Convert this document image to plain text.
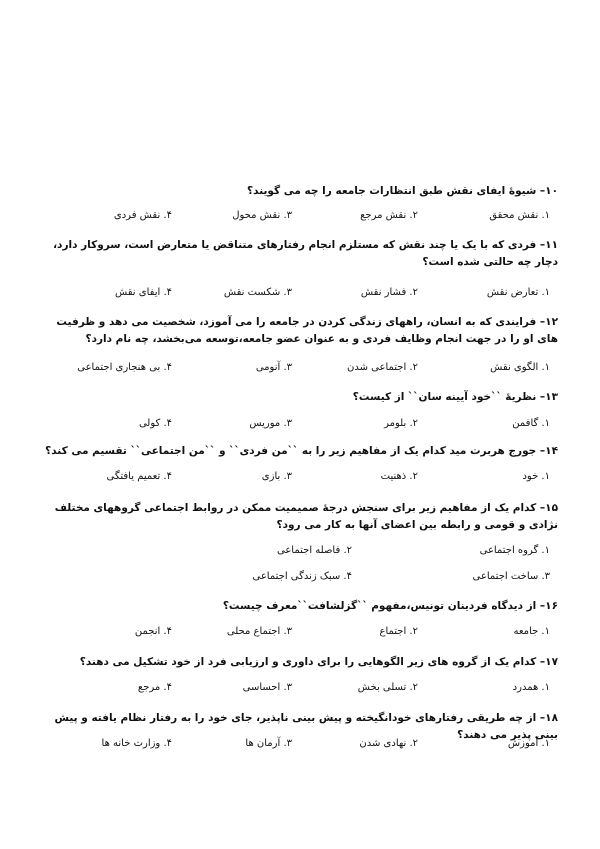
۱۰– شیوهٔ ایفای نقش طبق انتظارات جامعه را چه می گویند؟
۱. نقش محقق
۲. نقش مرجع
۳. نقش محول
۴. نقش فردی
۱۱– فردی که با یک یا چند نقش که مستلزم انجام رفتارهای متناقض یا متعارض است، سروکار دارد، دچار چه حالتی شده است؟
۱. تعارض نقش
۲. فشار نقش
۳. شکست نقش
۴. ایفای نقش
۱۲– فرایندی که به انسان، راههای زندگی کردن در جامعه را می آموزد، شخصیت می دهد و ظرفیت های او را در جهت انجام وظایف فردی و به عنوان عضو جامعه،توسعه می‌بخشد، چه نام دارد؟
۱. الگوی نقش
۲. اجتماعی شدن
۳. آنومی
۴. بی هنجاری اجتماعی
۱۳– نظریهٔ ``خود آیینه سان`` از کیست؟
۱. گافمن
۲. بلومر
۳. موریس
۴. کولی
۱۴– جورج هربرت مید کدام یک از مفاهیم زیر را به ``من فردی`` و ``من اجتماعی`` تقسیم می کند؟
۱. خود
۲. ذهنیت
۳. بازی
۴. تعمیم یافتگی
۱۵– کدام یک از مفاهیم زیر برای سنجش درجهٔ صمیمیت ممکن در روابط اجتماعی گروههای مختلف نژادی و قومی و رابطه بین اعضای آنها به کار می رود؟
۱. گروه اجتماعی
۲. فاصله اجتماعی
۳. ساخت اجتماعی
۴. سبک زندگی اجتماعی
۱۶– از دیدگاه فردینان تونیس،مفهوم ``گزلشافت``معرف چیست؟
۱. جامعه
۲. اجتماع
۳. اجتماع محلی
۴. انجمن
۱۷– کدام یک از گروه های زیر الگوهایی را برای داوری و ارزیابی فرد از خود تشکیل می دهند؟
۱. همدرد
۲. تسلی بخش
۳. احساسی
۴. مرجع
۱۸– از چه طریقی رفتارهای خودانگیخته و پیش بینی ناپذیر، جای خود را به رفتار نظام یافته و پیش بینی پذیر می دهند؟
۱. آموزش
۲. نهادی شدن
۳. آرمان ها
۴. وزارت خانه ها
